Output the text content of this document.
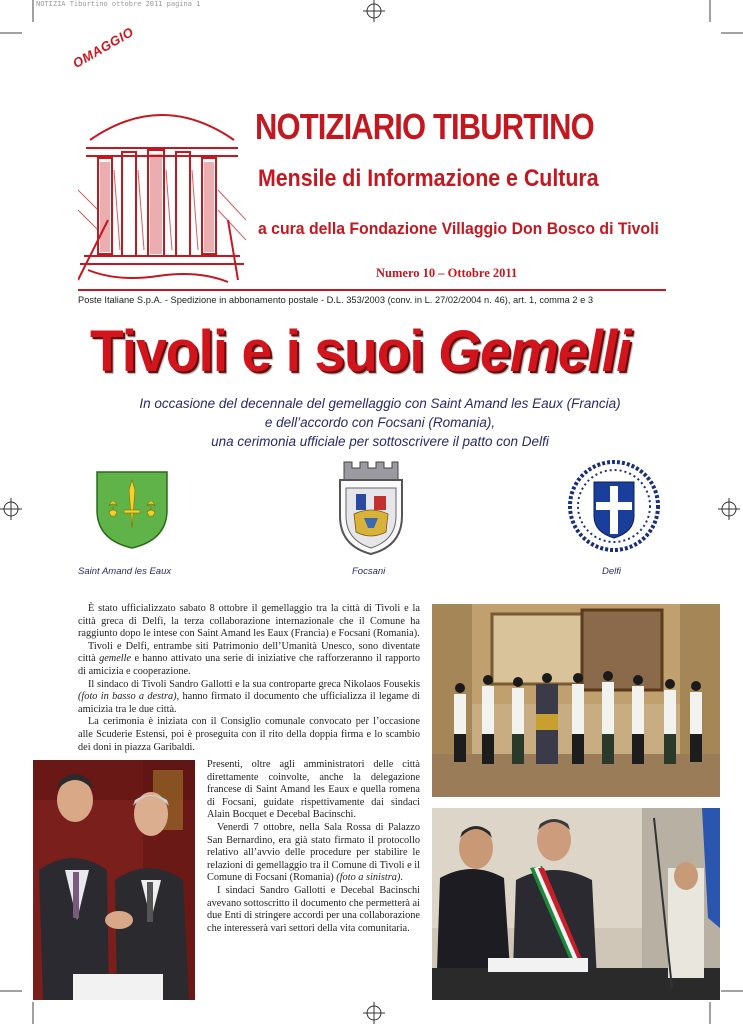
NOTIZIA Tiburtino ottobre 2011 pagina 1
OMAGGIO
NOTIZIARIO TIBURTINO
Mensile di Informazione e Cultura
a cura della Fondazione Villaggio Don Bosco di Tivoli
Numero 10 – Ottobre 2011
Poste Italiane S.p.A. - Spedizione in abbonamento postale - D.L. 353/2003 (conv. in L. 27/02/2004 n. 46), art. 1, comma 2 e 3
Tivoli e i suoi Gemelli
In occasione del decennale del gemellaggio con Saint Amand les Eaux (Francia)
e dell’accordo con Focsani (Romania),
una cerimonia ufficiale per sottoscrivere il patto con Delfi
Saint Amand les Eaux	Focsani	Delfi

È stato ufficializzato sabato 8 ottobre il gemellaggio tra la città di Tivoli e la città greca di Delfi, la terza collaborazione internazionale che il Comune ha raggiunto dopo le intese con Saint Amand les Eaux (Francia) e Focsani (Romania).

Tivoli e Delfi, entrambe siti Patrimonio dell’Umanità Unesco, sono diventate città gemelle e hanno attivato una serie di iniziative che rafforzeranno il rapporto di amicizia e cooperazione.

Il sindaco di Tivoli Sandro Gallotti e la sua controparte greca Nikolaos Fousekis (foto in basso a destra), hanno firmato il documento che ufficializza il legame di amicizia tra le due città.

La cerimonia è iniziata con il Consiglio comunale convocato per l’occasione alle Scuderie Estensi, poi è proseguita con il rito della doppia firma e lo scambio dei doni in piazza Garibaldi.

Presenti, oltre agli amministratori delle città direttamente coinvolte, anche la delegazione francese di Saint Amand les Eaux e quella romena di Focsani, guidate rispettivamente dai sindaci Alain Bocquet e Decebal Bacinschi.

Venerdì 7 ottobre, nella Sala Rossa di Palazzo San Bernardino, era già stato firmato il protocollo relativo all’avvio delle procedure per stabilire le relazioni di gemellaggio tra il Comune di Tivoli e il Comune di Focsani (Romania) (foto a sinistra).

I sindaci Sandro Gallotti e Decebal Bacinschi avevano sottoscritto il documento che permetterà ai due Enti di stringere accordi per una collaborazione che interesserà vari settori della vita comunitaria.
